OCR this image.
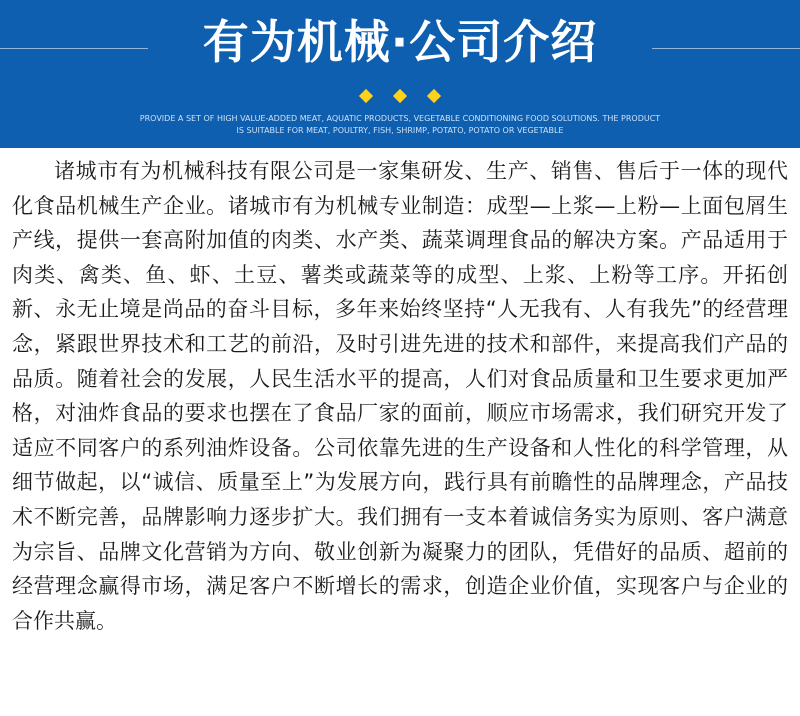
有为机械·公司介绍

PROVIDE A SET OF HIGH VALUE-ADDED MEAT, AQUATIC PRODUCTS, VEGETABLE CONDITIONING FOOD SOLUTIONS. THE PRODUCT
IS SUITABLE FOR MEAT, POULTRY, FISH, SHRIMP, POTATO, POTATO OR VEGETABLE

诸城市有为机械科技有限公司是一家集研发、生产、销售、售后于一体的现代化食品机械生产企业。诸城市有为机械专业制造：成型—上浆—上粉—上面包屑生产线，提供一套高附加值的肉类、水产类、蔬菜调理食品的解决方案。产品适用于肉类、禽类、鱼、虾、土豆、薯类或蔬菜等的成型、上浆、上粉等工序。开拓创新、永无止境是尚品的奋斗目标，多年来始终坚持“人无我有、人有我先”的经营理念，紧跟世界技术和工艺的前沿，及时引进先进的技术和部件，来提高我们产品的品质。随着社会的发展，人民生活水平的提高，人们对食品质量和卫生要求更加严格，对油炸食品的要求也摆在了食品厂家的面前，顺应市场需求，我们研究开发了适应不同客户的系列油炸设备。公司依靠先进的生产设备和人性化的科学管理，从细节做起，以“诚信、质量至上”为发展方向，践行具有前瞻性的品牌理念，产品技术不断完善，品牌影响力逐步扩大。我们拥有一支本着诚信务实为原则、客户满意为宗旨、品牌文化营销为方向、敬业创新为凝聚力的团队，凭借好的品质、超前的经营理念赢得市场，满足客户不断增长的需求，创造企业价值，实现客户与企业的合作共赢。
